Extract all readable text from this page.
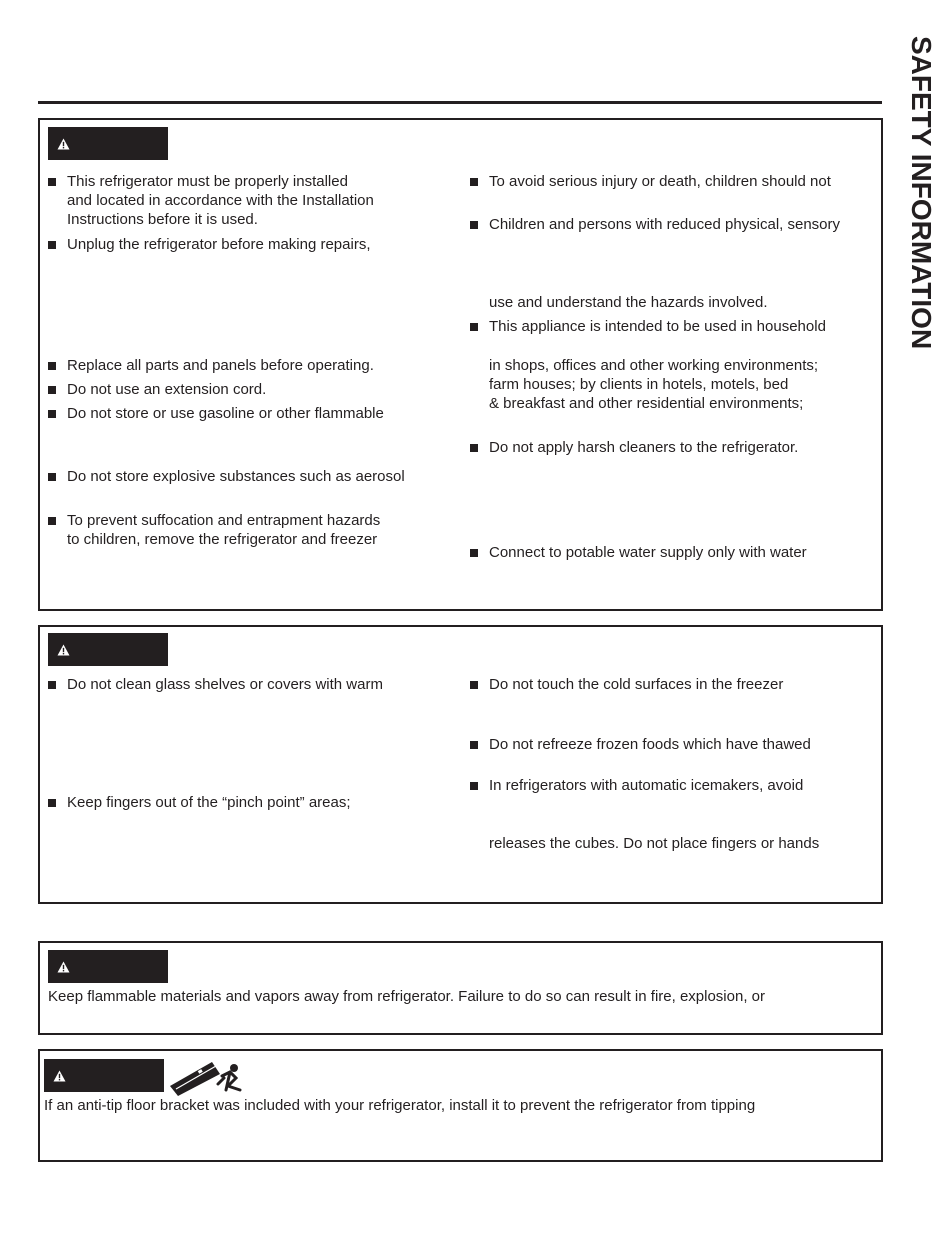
SAFETY INFORMATION
This refrigerator must be properly installed
and located in accordance with the Installation
Instructions before it is used.
Unplug the refrigerator before making repairs,
Replace all parts and panels before operating.
Do not use an extension cord.
Do not store or use gasoline or other flammable
Do not store explosive substances such as aerosol
To prevent suffocation and entrapment hazards
to children, remove the refrigerator and freezer
To avoid serious injury or death, children should not
Children and persons with reduced physical, sensory
use and understand the hazards involved.
This appliance is intended to be used in household
in shops, offices and other working environments;
farm houses; by clients in hotels, motels, bed
& breakfast and other residential environments;
Do not apply harsh cleaners to the refrigerator.
Connect to potable water supply only with water
Do not clean glass shelves or covers with warm
Keep fingers out of the “pinch point” areas;
Do not touch the cold surfaces in the freezer
Do not refreeze frozen foods which have thawed
In refrigerators with automatic icemakers, avoid
releases the cubes. Do not place fingers or hands
Keep flammable materials and vapors away from refrigerator. Failure to do so can result in fire, explosion, or
If an anti-tip floor bracket was included with your refrigerator, install it to prevent the refrigerator from tipping
